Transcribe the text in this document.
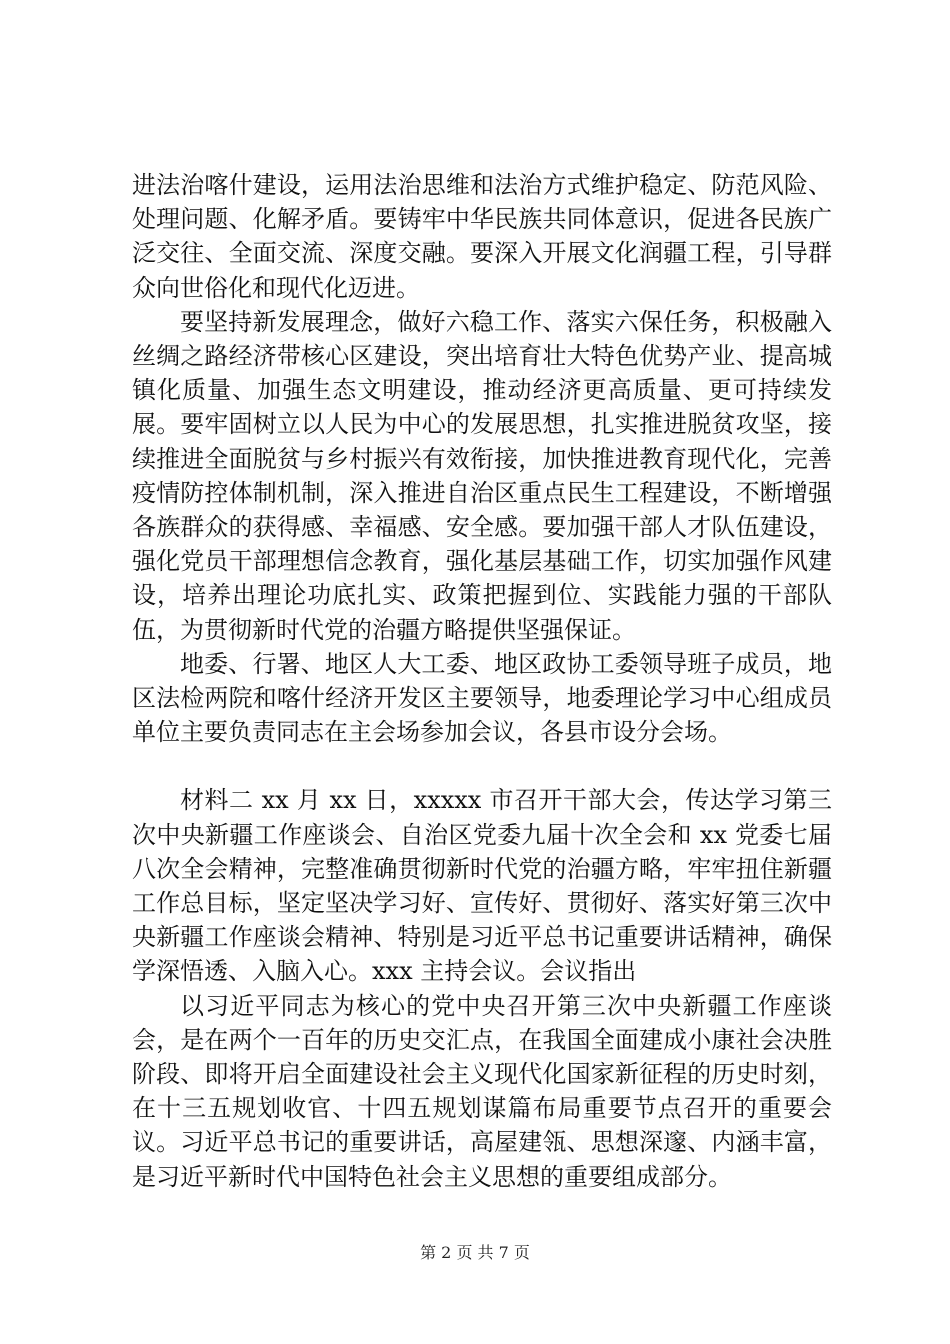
进法治喀什建设，运用法治思维和法治方式维护稳定、防范风险、处理问题、化解矛盾。要铸牢中华民族共同体意识，促进各民族广泛交往、全面交流、深度交融。要深入开展文化润疆工程，引导群众向世俗化和现代化迈进。

要坚持新发展理念，做好六稳工作、落实六保任务，积极融入丝绸之路经济带核心区建设，突出培育壮大特色优势产业、提高城镇化质量、加强生态文明建设，推动经济更高质量、更可持续发展。要牢固树立以人民为中心的发展思想，扎实推进脱贫攻坚，接续推进全面脱贫与乡村振兴有效衔接，加快推进教育现代化，完善疫情防控体制机制，深入推进自治区重点民生工程建设，不断增强各族群众的获得感、幸福感、安全感。要加强干部人才队伍建设，强化党员干部理想信念教育，强化基层基础工作，切实加强作风建设，培养出理论功底扎实、政策把握到位、实践能力强的干部队伍，为贯彻新时代党的治疆方略提供坚强保证。

地委、行署、地区人大工委、地区政协工委领导班子成员，地区法检两院和喀什经济开发区主要领导，地委理论学习中心组成员单位主要负责同志在主会场参加会议，各县市设分会场。

材料二 xx 月 xx 日，xxxxx 市召开干部大会，传达学习第三次中央新疆工作座谈会、自治区党委九届十次全会和 xx 党委七届八次全会精神，完整准确贯彻新时代党的治疆方略，牢牢扭住新疆工作总目标，坚定坚决学习好、宣传好、贯彻好、落实好第三次中央新疆工作座谈会精神、特别是习近平总书记重要讲话精神，确保学深悟透、入脑入心。xxx 主持会议。会议指出

以习近平同志为核心的党中央召开第三次中央新疆工作座谈会，是在两个一百年的历史交汇点，在我国全面建成小康社会决胜阶段、即将开启全面建设社会主义现代化国家新征程的历史时刻，在十三五规划收官、十四五规划谋篇布局重要节点召开的重要会议。习近平总书记的重要讲话，高屋建瓴、思想深邃、内涵丰富，是习近平新时代中国特色社会主义思想的重要组成部分。

第 2 页 共 7 页
